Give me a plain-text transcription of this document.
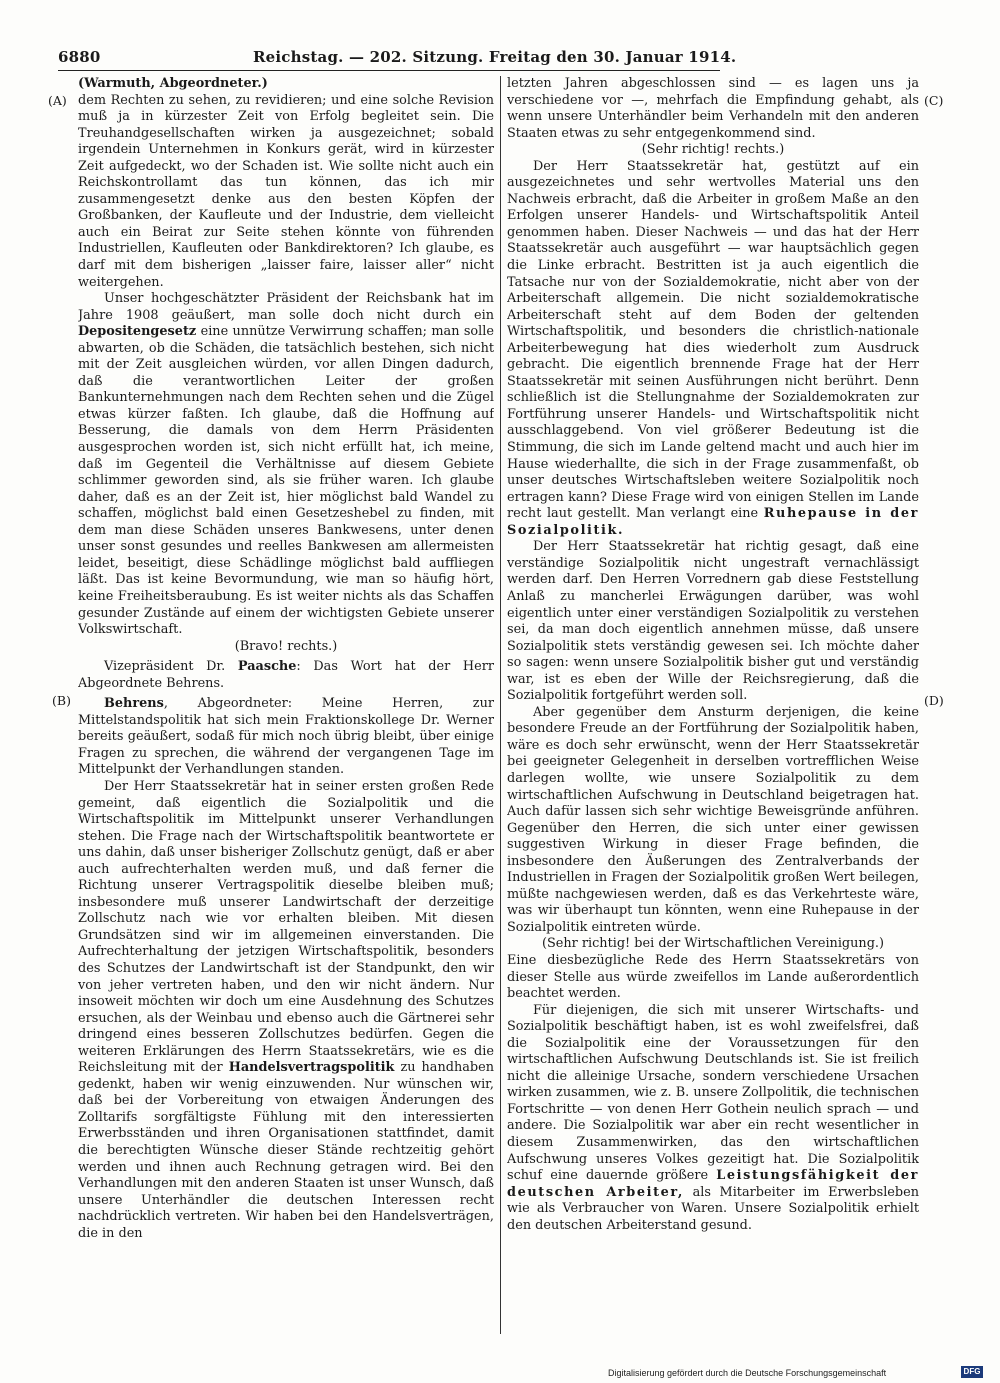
6880	Reichstag. — 202. Sitzung. Freitag den 30. Januar 1914.
(A)
(B)
(C)
(D)

(Warmuth, Abgeordneter.)

dem Rechten zu sehen, zu revidieren; und eine solche Revision muß ja in kürzester Zeit von Erfolg begleitet sein. Die Treuhandgesellschaften wirken ja ausgezeichnet; sobald irgendein Unternehmen in Konkurs gerät, wird in kürzester Zeit aufgedeckt, wo der Schaden ist. Wie sollte nicht auch ein Reichskontrollamt das tun können, das ich mir zusammengesetzt denke aus den besten Köpfen der Großbanken, der Kaufleute und der Industrie, dem vielleicht auch ein Beirat zur Seite stehen könnte von führenden Industriellen, Kaufleuten oder Bankdirektoren? Ich glaube, es darf mit dem bisherigen „laisser faire, laisser aller“ nicht weitergehen.

Unser hochgeschätzter Präsident der Reichsbank hat im Jahre 1908 geäußert, man solle doch nicht durch ein Depositengesetz eine unnütze Verwirrung schaffen; man solle abwarten, ob die Schäden, die tatsächlich bestehen, sich nicht mit der Zeit ausgleichen würden, vor allen Dingen dadurch, daß die verantwortlichen Leiter der großen Bankunternehmungen nach dem Rechten sehen und die Zügel etwas kürzer faßten. Ich glaube, daß die Hoffnung auf Besserung, die damals von dem Herrn Präsidenten ausgesprochen worden ist, sich nicht erfüllt hat, ich meine, daß im Gegenteil die Verhältnisse auf diesem Gebiete schlimmer geworden sind, als sie früher waren. Ich glaube daher, daß es an der Zeit ist, hier möglichst bald Wandel zu schaffen, möglichst bald einen Gesetzeshebel zu finden, mit dem man diese Schäden unseres Bankwesens, unter denen unser sonst gesundes und reelles Bankwesen am allermeisten leidet, beseitigt, diese Schädlinge möglichst bald auffliegen läßt. Das ist keine Bevormundung, wie man so häufig hört, keine Freiheitsberaubung. Es ist weiter nichts als das Schaffen gesunder Zustände auf einem der wichtigsten Gebiete unserer Volkswirtschaft.

(Bravo! rechts.)

Vizepräsident Dr. Paasche: Das Wort hat der Herr Abgeordnete Behrens.

Behrens, Abgeordneter: Meine Herren, zur Mittelstandspolitik hat sich mein Fraktionskollege Dr. Werner bereits geäußert, sodaß für mich noch übrig bleibt, über einige Fragen zu sprechen, die während der vergangenen Tage im Mittelpunkt der Verhandlungen standen.

Der Herr Staatssekretär hat in seiner ersten großen Rede gemeint, daß eigentlich die Sozialpolitik und die Wirtschaftspolitik im Mittelpunkt unserer Verhandlungen stehen. Die Frage nach der Wirtschaftspolitik beantwortete er uns dahin, daß unser bisheriger Zollschutz genügt, daß er aber auch aufrechterhalten werden muß, und daß ferner die Richtung unserer Vertragspolitik dieselbe bleiben muß; insbesondere muß unserer Landwirtschaft der derzeitige Zollschutz nach wie vor erhalten bleiben. Mit diesen Grundsätzen sind wir im allgemeinen einverstanden. Die Aufrechterhaltung der jetzigen Wirtschaftspolitik, besonders des Schutzes der Landwirtschaft ist der Standpunkt, den wir von jeher vertreten haben, und den wir nicht ändern. Nur insoweit möchten wir doch um eine Ausdehnung des Schutzes ersuchen, als der Weinbau und ebenso auch die Gärtnerei sehr dringend eines besseren Zollschutzes bedürfen. Gegen die weiteren Erklärungen des Herrn Staatssekretärs, wie es die Reichsleitung mit der Handelsvertragspolitik zu handhaben gedenkt, haben wir wenig einzuwenden. Nur wünschen wir, daß bei der Vorbereitung von etwaigen Änderungen des Zolltarifs sorgfältigste Fühlung mit den interessierten Erwerbsständen und ihren Organisationen stattfindet, damit die berechtigten Wünsche dieser Stände rechtzeitig gehört werden und ihnen auch Rechnung getragen wird. Bei den Verhandlungen mit den anderen Staaten ist unser Wunsch, daß unsere Unterhändler die deutschen Interessen recht nachdrücklich vertreten. Wir haben bei den Handelsverträgen, die in den

letzten Jahren abgeschlossen sind — es lagen uns ja verschiedene vor —, mehrfach die Empfindung gehabt, als wenn unsere Unterhändler beim Verhandeln mit den anderen Staaten etwas zu sehr entgegenkommend sind.

(Sehr richtig! rechts.)

Der Herr Staatssekretär hat, gestützt auf ein ausgezeichnetes und sehr wertvolles Material uns den Nachweis erbracht, daß die Arbeiter in großem Maße an den Erfolgen unserer Handels- und Wirtschaftspolitik Anteil genommen haben. Dieser Nachweis — und das hat der Herr Staatssekretär auch ausgeführt — war hauptsächlich gegen die Linke erbracht. Bestritten ist ja auch eigentlich die Tatsache nur von der Sozialdemokratie, nicht aber von der Arbeiterschaft allgemein. Die nicht sozialdemokratische Arbeiterschaft steht auf dem Boden der geltenden Wirtschaftspolitik, und besonders die christlich-nationale Arbeiterbewegung hat dies wiederholt zum Ausdruck gebracht. Die eigentlich brennende Frage hat der Herr Staatssekretär mit seinen Ausführungen nicht berührt. Denn schließlich ist die Stellungnahme der Sozialdemokraten zur Fortführung unserer Handels- und Wirtschaftspolitik nicht ausschlaggebend. Von viel größerer Bedeutung ist die Stimmung, die sich im Lande geltend macht und auch hier im Hause wiederhallte, die sich in der Frage zusammenfaßt, ob unser deutsches Wirtschaftsleben weitere Sozialpolitik noch ertragen kann? Diese Frage wird von einigen Stellen im Lande recht laut gestellt. Man verlangt eine Ruhepause in der Sozialpolitik.

Der Herr Staatssekretär hat richtig gesagt, daß eine verständige Sozialpolitik nicht ungestraft vernachlässigt werden darf. Den Herren Vorrednern gab diese Feststellung Anlaß zu mancherlei Erwägungen darüber, was wohl eigentlich unter einer verständigen Sozialpolitik zu verstehen sei, da man doch eigentlich annehmen müsse, daß unsere Sozialpolitik stets verständig gewesen sei. Ich möchte daher so sagen: wenn unsere Sozialpolitik bisher gut und verständig war, ist es eben der Wille der Reichsregierung, daß die Sozialpolitik fortgeführt werden soll.

Aber gegenüber dem Ansturm derjenigen, die keine besondere Freude an der Fortführung der Sozialpolitik haben, wäre es doch sehr erwünscht, wenn der Herr Staatssekretär bei geeigneter Gelegenheit in derselben vortrefflichen Weise darlegen wollte, wie unsere Sozialpolitik zu dem wirtschaftlichen Aufschwung in Deutschland beigetragen hat. Auch dafür lassen sich sehr wichtige Beweisgründe anführen. Gegenüber den Herren, die sich unter einer gewissen suggestiven Wirkung in dieser Frage befinden, die insbesondere den Äußerungen des Zentralverbands der Industriellen in Fragen der Sozialpolitik großen Wert beilegen, müßte nachgewiesen werden, daß es das Verkehrteste wäre, was wir überhaupt tun könnten, wenn eine Ruhepause in der Sozialpolitik eintreten würde.

(Sehr richtig! bei der Wirtschaftlichen Vereinigung.)

Eine diesbezügliche Rede des Herrn Staatssekretärs von dieser Stelle aus würde zweifellos im Lande außerordentlich beachtet werden.

Für diejenigen, die sich mit unserer Wirtschafts- und Sozialpolitik beschäftigt haben, ist es wohl zweifelsfrei, daß die Sozialpolitik eine der Voraussetzungen für den wirtschaftlichen Aufschwung Deutschlands ist. Sie ist freilich nicht die alleinige Ursache, sondern verschiedene Ursachen wirken zusammen, wie z. B. unsere Zollpolitik, die technischen Fortschritte — von denen Herr Gothein neulich sprach — und andere. Die Sozialpolitik war aber ein recht wesentlicher in diesem Zusammenwirken, das den wirtschaftlichen Aufschwung unseres Volkes gezeitigt hat. Die Sozialpolitik schuf eine dauernde größere Leistungsfähigkeit der deutschen Arbeiter, als Mitarbeiter im Erwerbsleben wie als Verbraucher von Waren. Unsere Sozialpolitik erhielt den deutschen Arbeiterstand gesund.

Digitalisierung gefördert durch die Deutsche Forschungsgemeinschaft	DFG
